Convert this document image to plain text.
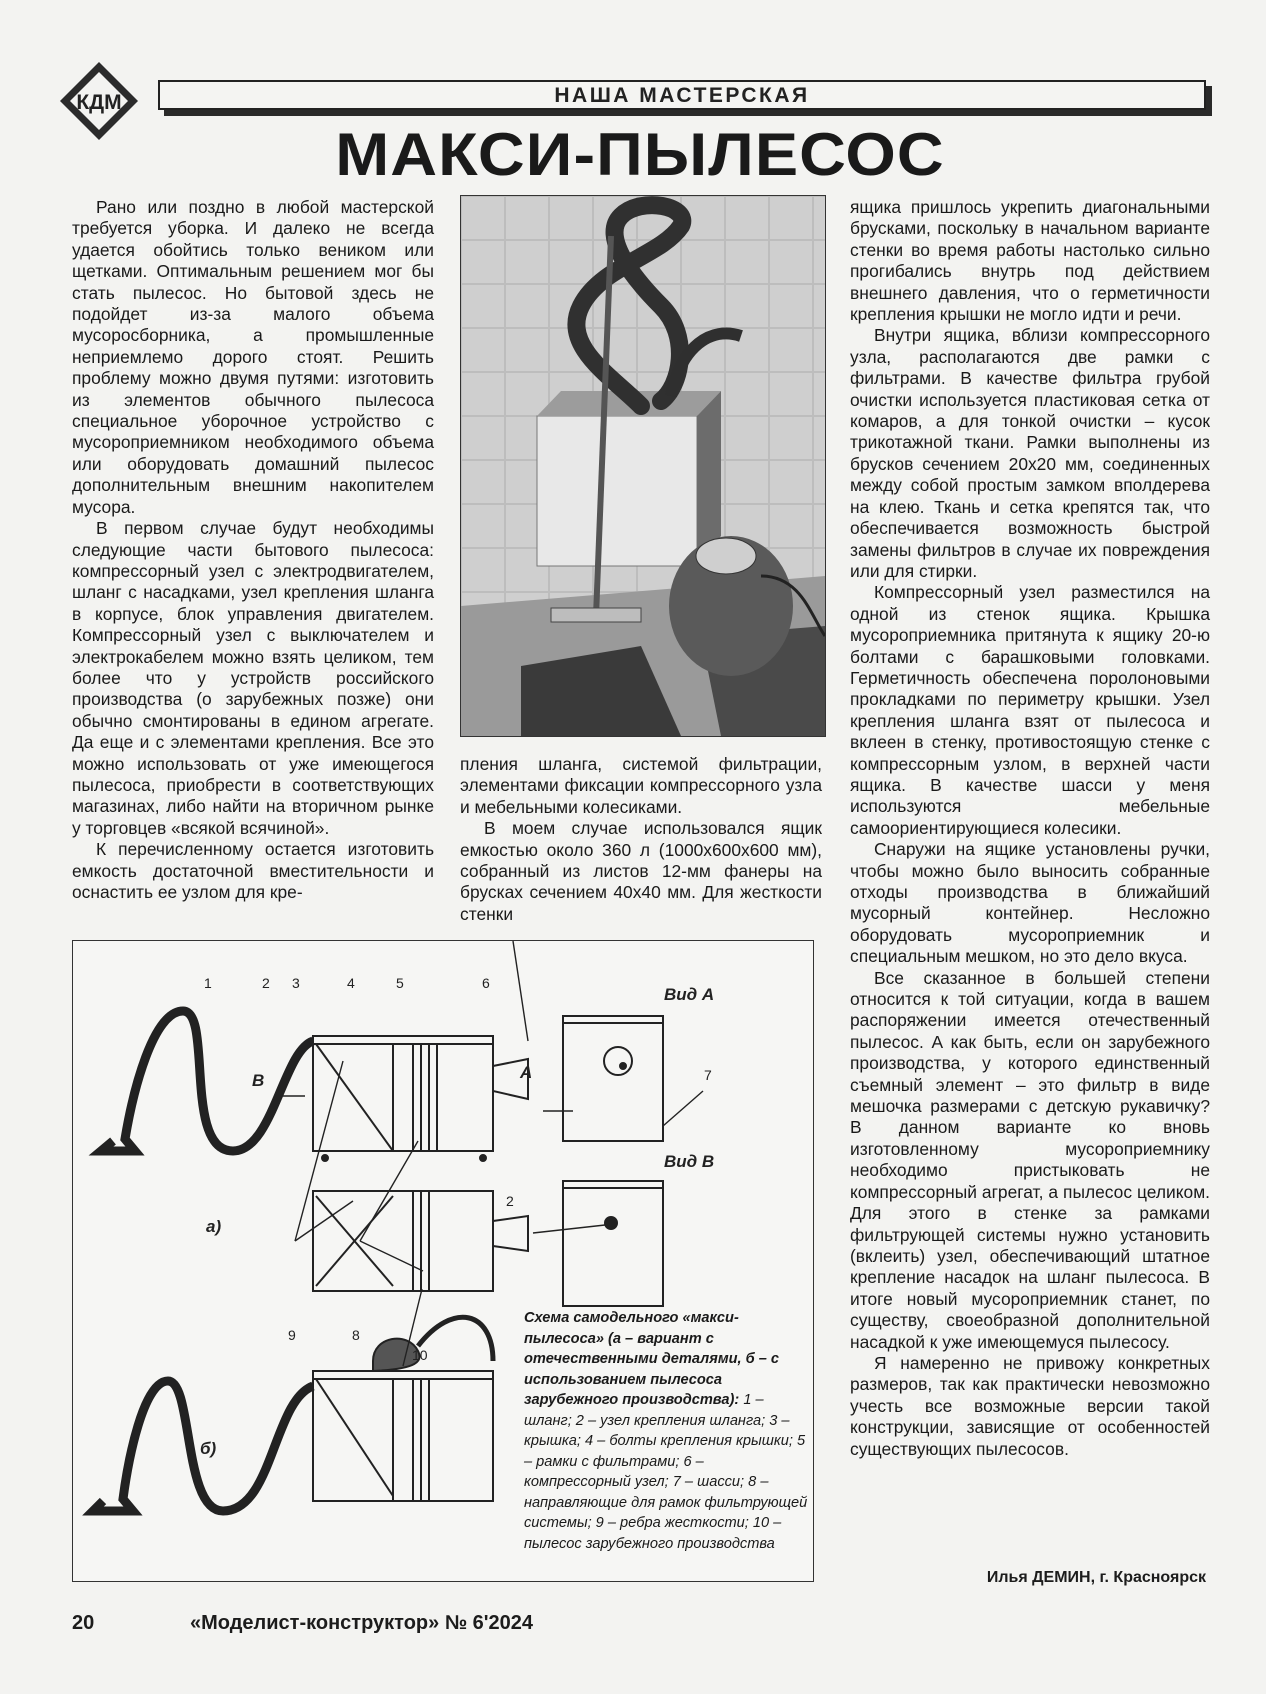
КДМ	НАША МАСТЕРСКАЯ
МАКСИ-ПЫЛЕСОС

Рано или поздно в любой мастерской требуется уборка. И далеко не всегда удается обойтись только веником или щетками. Оптимальным решением мог бы стать пылесос. Но бытовой здесь не подойдет из-за малого объема мусоросборника, а промышленные неприемлемо дорого стоят. Решить проблему можно двумя путями: изготовить из элементов обычного пылесоса специальное уборочное устройство с мусороприемником необходимого объема или оборудовать домашний пылесос дополнительным внешним накопителем мусора.

В первом случае будут необходимы следующие части бытового пылесоса: компрессорный узел с электродвигателем, шланг с насадками, узел крепления шланга в корпусе, блок управления двигателем. Компрессорный узел с выключателем и электрокабелем можно взять целиком, тем более что у устройств российского производства (о зарубежных позже) они обычно смонтированы в едином агрегате. Да еще и с элементами крепления. Все это можно использовать от уже имеющегося пылесоса, приобрести в соответствующих магазинах, либо найти на вторичном рынке у торговцев «всякой всячиной».

К перечисленному остается изготовить емкость достаточной вместительности и оснастить ее узлом для кре-

пления шланга, системой фильтрации, элементами фиксации компрессорного узла и мебельными колесиками.

В моем случае использовался ящик емкостью около 360 л (1000х600х600 мм), собранный из листов 12-мм фанеры на брусках сечением 40х40 мм. Для жесткости стенки

ящика пришлось укрепить диагональными брусками, поскольку в начальном варианте стенки во время работы настолько сильно прогибались внутрь под действием внешнего давления, что о герметичности крепления крышки не могло идти и речи.

Внутри ящика, вблизи компрессорного узла, располагаются две рамки с фильтрами. В качестве фильтра грубой очистки используется пластиковая сетка от комаров, а для тонкой очистки – кусок трикотажной ткани. Рамки выполнены из брусков сечением 20х20 мм, соединенных между собой простым замком вполдерева на клею. Ткань и сетка крепятся так, что обеспечивается возможность быстрой замены фильтров в случае их повреждения или для стирки.

Компрессорный узел разместился на одной из стенок ящика. Крышка мусороприемника притянута к ящику 20-ю болтами с барашковыми головками. Герметичность обеспечена поролоновыми прокладками по периметру крышки. Узел крепления шланга взят от пылесоса и вклеен в стенку, противостоящую стенке с компрессорным узлом, в верхней части ящика. В качестве шасси у меня используются мебельные самоориентирующиеся колесики.

Снаружи на ящике установлены ручки, чтобы можно было выносить собранные отходы производства в ближайший мусорный контейнер. Несложно оборудовать мусороприемник и специальным мешком, но это дело вкуса.

Все сказанное в большей степени относится к той ситуации, когда в вашем распоряжении имеется отечественный пылесос. А как быть, если он зарубежного производства, у которого единственный съемный элемент – это фильтр в виде мешочка размерами с детскую рукавичку? В данном варианте ко вновь изготовленному мусороприемнику необходимо пристыковать не компрессорный агрегат, а пылесос целиком. Для этого в стенке за рамками фильтрующей системы нужно установить (вклеить) узел, обеспечивающий штатное крепление насадок на шланг пылесоса. В итоге новый мусороприемник станет, по существу, своеобразной дополнительной насадкой к уже имеющемуся пылесосу.

Я намеренно не привожу конкретных размеров, так как практически невозможно учесть все возможные версии такой конструкции, зависящие от особенностей существующих пылесосов.

1	2 3	4	5	6
7
2
9	8
10
Вид А
Вид В
А
В
а)
б)
Схема самодельного «макси-пылесоса» (а – вариант с отечественными деталями, б – с использованием пылесоса зарубежного производства): 1 – шланг; 2 – узел крепления шланга; 3 – крышка; 4 – болты крепления крышки; 5 – рамки с фильтрами; 6 – компрессорный узел; 7 – шасси; 8 – направляющие для рамок фильтрующей системы; 9 – ребра жесткости; 10 – пылесос зарубежного производства
Илья ДЕМИН, г. Красноярск
20	«Моделист-конструктор» № 6'2024
